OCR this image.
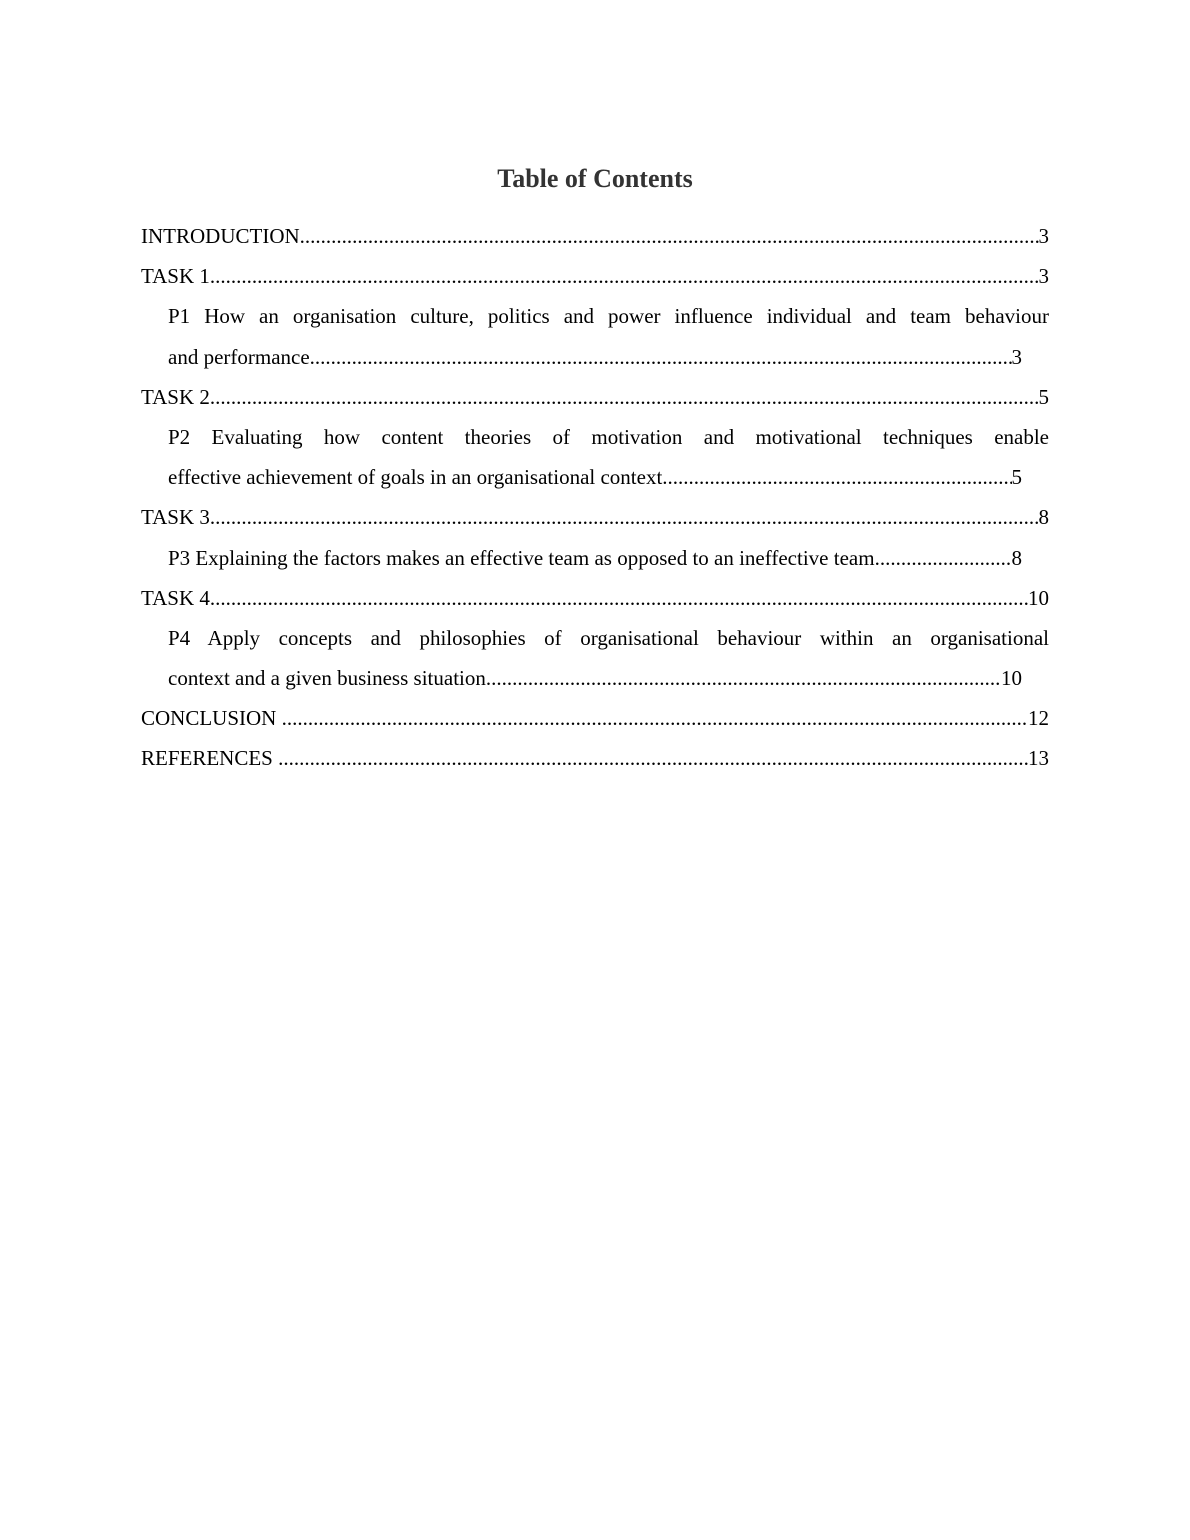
Table of Contents
INTRODUCTION .....	3
TASK 1 .....	3
P1 How an organisation culture, politics and power influence individual and team behaviour
and performance .....	3
TASK 2 .....	5
P2 Evaluating how content theories of motivation and motivational techniques enable
effective achievement of goals in an organisational context .....	5
TASK 3 .....	8
P3 Explaining the factors makes an effective team as opposed to an ineffective team .....	8
TASK 4 .....	10
P4 Apply concepts and philosophies of organisational behaviour within an organisational
context and a given business situation .....	10
CONCLUSION .....	12
REFERENCES .....	13
